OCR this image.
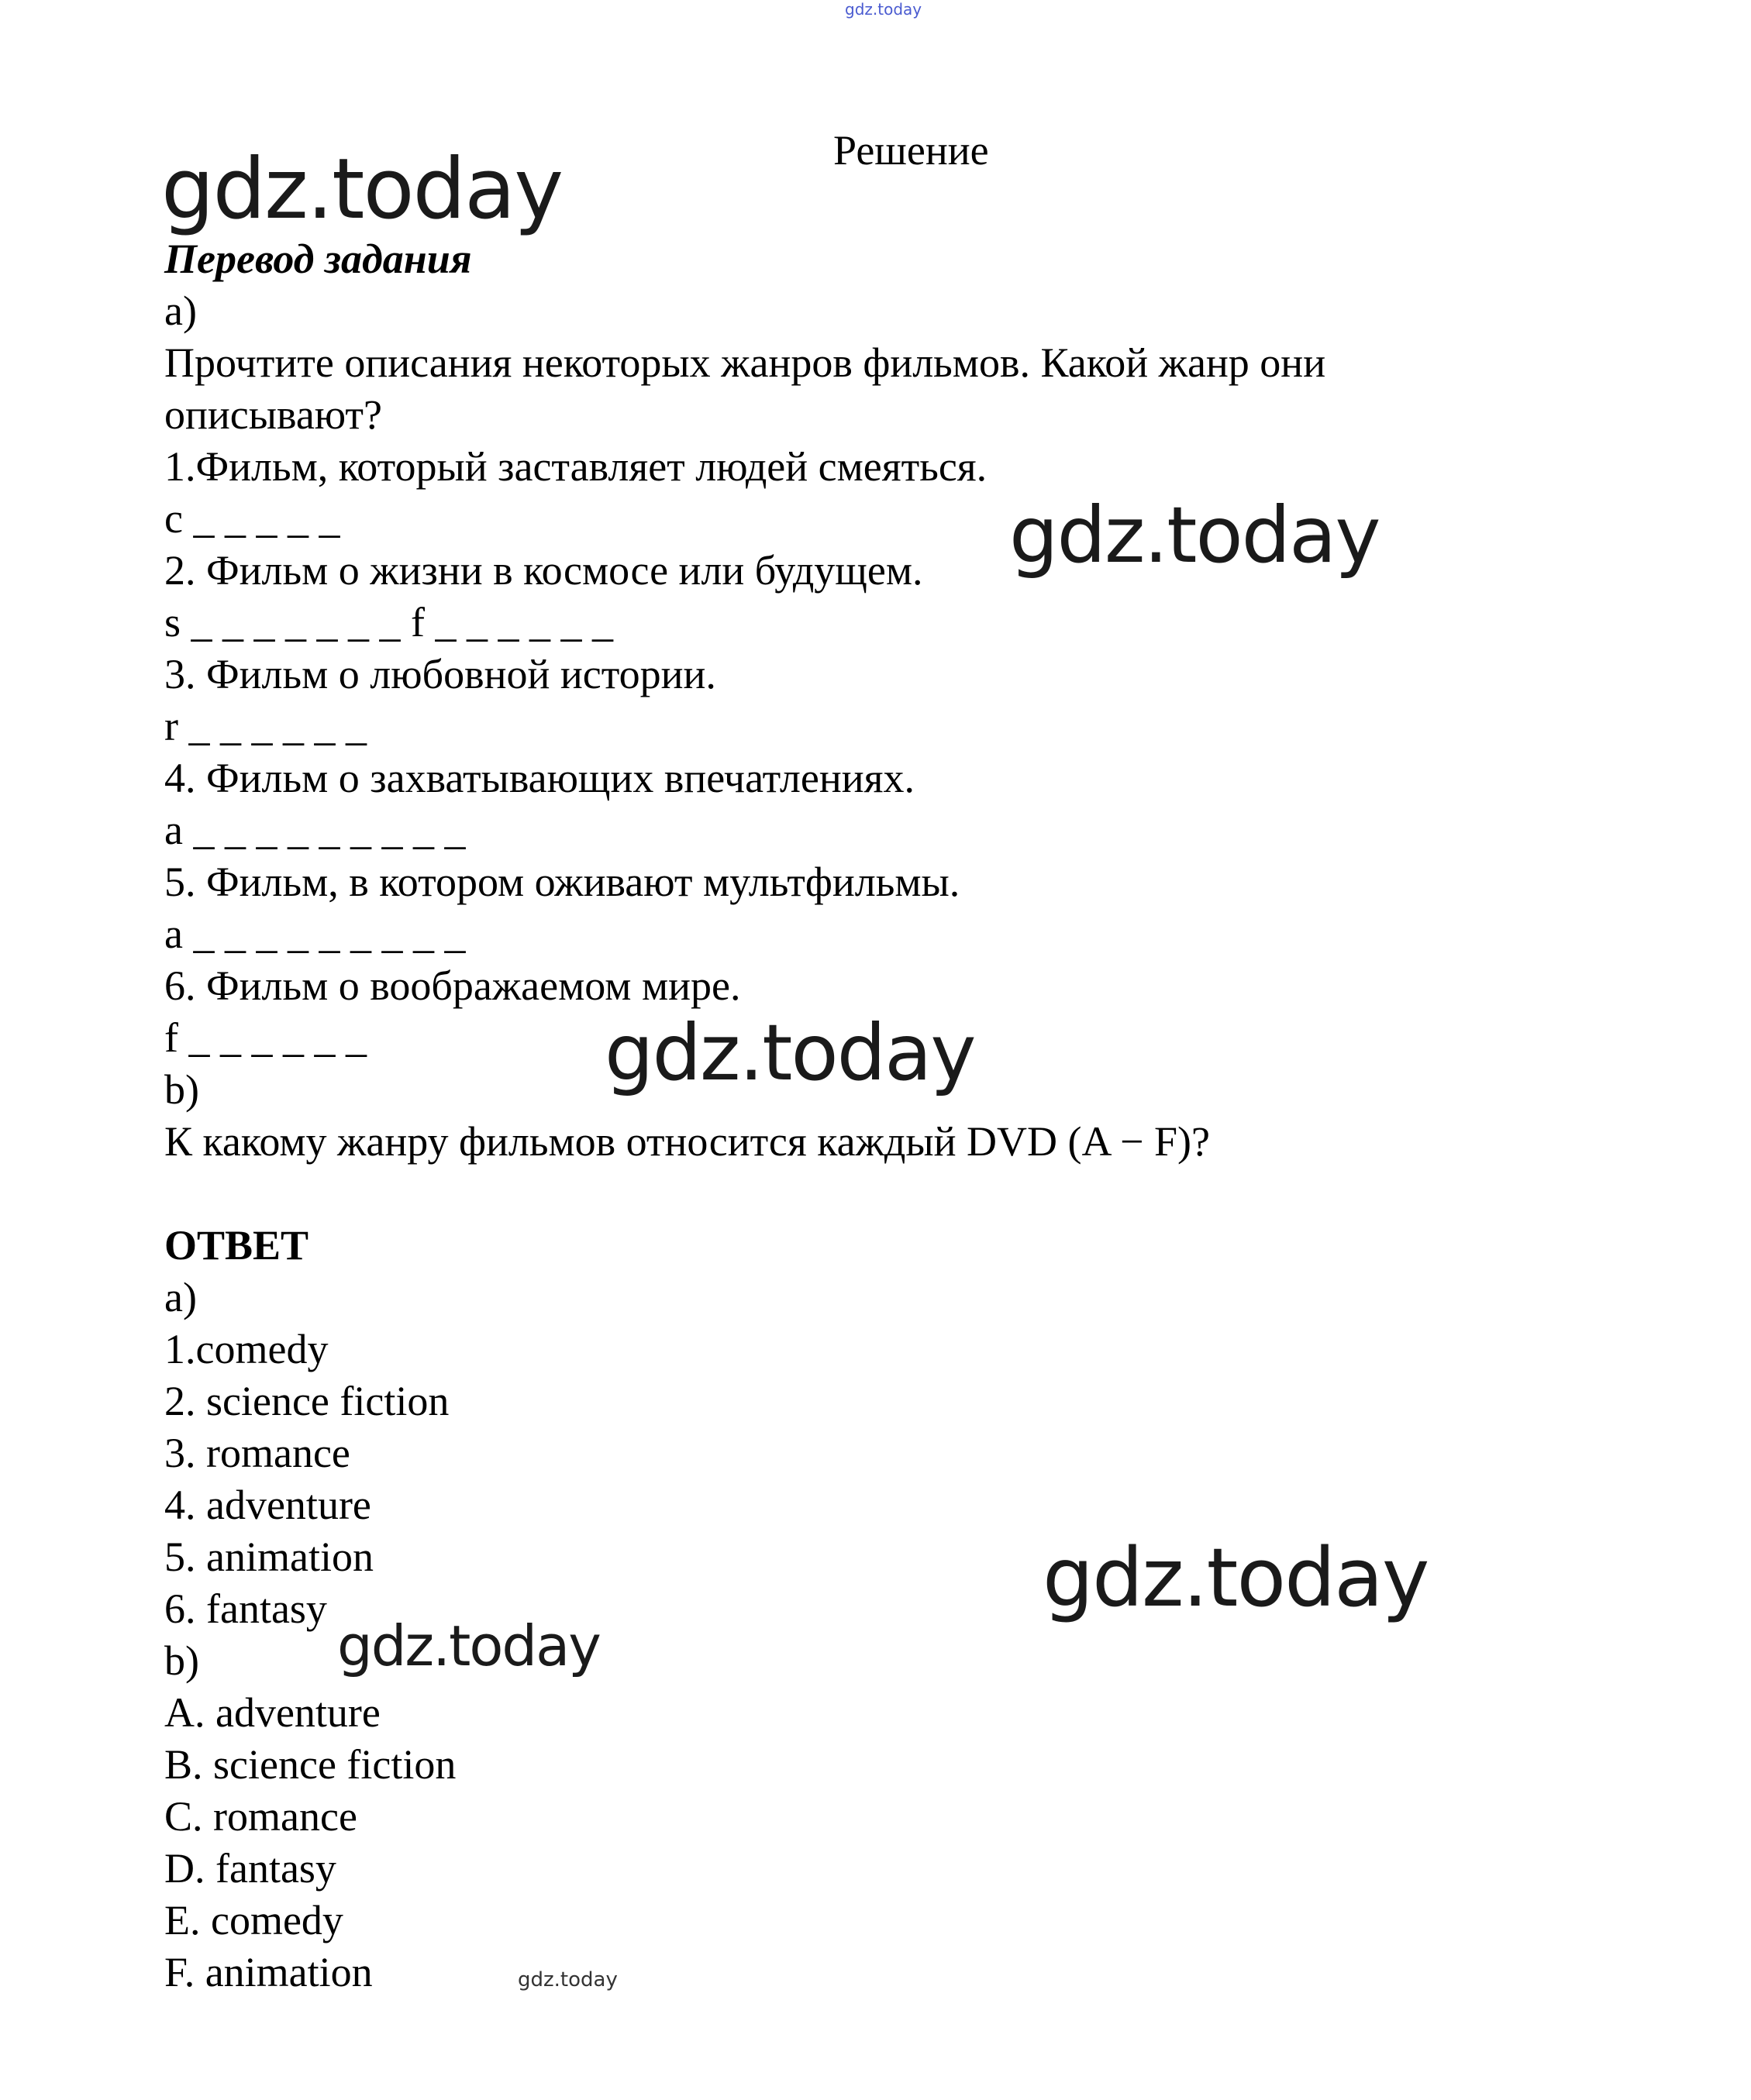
gdz.today
Решение
gdz.today
Перевод задания
a)
Прочтите описания некоторых жанров фильмов. Какой жанр они
описывают?
1.Фильм, который заставляет людей смеяться.
c _ _ _ _ _
2. Фильм о жизни в космосе или будущем.
s _ _ _ _ _ _ _ f _ _ _ _ _ _
3. Фильм о любовной истории.
r _ _ _ _ _ _
4. Фильм о захватывающих впечатлениях.
a _ _ _ _ _ _ _ _ _
5. Фильм, в котором оживают мультфильмы.
a _ _ _ _ _ _ _ _ _
6. Фильм о воображаемом мире.
f _ _ _ _ _ _
gdz.today
gdz.today
b)
К какому жанру фильмов относится каждый DVD (A − F)?
ОТВЕТ
a)
1.comedy
2. science fiction
3. romance
4. adventure
5. animation
6. fantasy
b)
A. adventure
B. science fiction
C. romance
D. fantasy
E. comedy
F. animation
gdz.today
gdz.today
gdz.today
